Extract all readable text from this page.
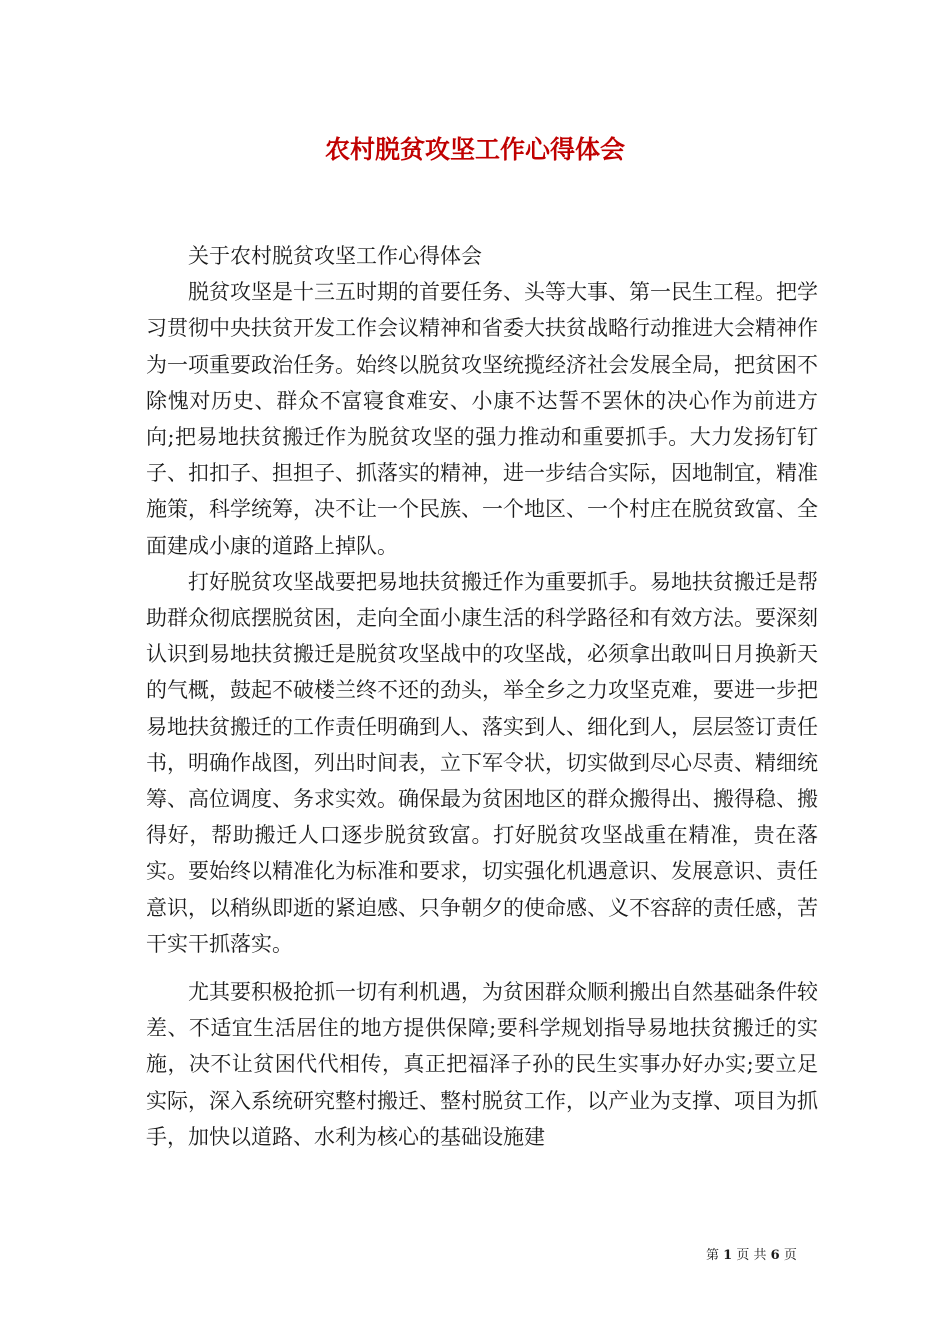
农村脱贫攻坚工作心得体会

关于农村脱贫攻坚工作心得体会

脱贫攻坚是十三五时期的首要任务、头等大事、第一民生工程。把学习贯彻中央扶贫开发工作会议精神和省委大扶贫战略行动推进大会精神作为一项重要政治任务。始终以脱贫攻坚统揽经济社会发展全局，把贫困不除愧对历史、群众不富寝食难安、小康不达誓不罢休的决心作为前进方向;把易地扶贫搬迁作为脱贫攻坚的强力推动和重要抓手。大力发扬钉钉子、扣扣子、担担子、抓落实的精神，进一步结合实际，因地制宜，精准施策，科学统筹，决不让一个民族、一个地区、一个村庄在脱贫致富、全面建成小康的道路上掉队。

打好脱贫攻坚战要把易地扶贫搬迁作为重要抓手。易地扶贫搬迁是帮助群众彻底摆脱贫困，走向全面小康生活的科学路径和有效方法。要深刻认识到易地扶贫搬迁是脱贫攻坚战中的攻坚战，必须拿出敢叫日月换新天的气概，鼓起不破楼兰终不还的劲头，举全乡之力攻坚克难，要进一步把易地扶贫搬迁的工作责任明确到人、落实到人、细化到人，层层签订责任书，明确作战图，列出时间表，立下军令状，切实做到尽心尽责、精细统筹、高位调度、务求实效。确保最为贫困地区的群众搬得出、搬得稳、搬得好，帮助搬迁人口逐步脱贫致富。打好脱贫攻坚战重在精准，贵在落实。要始终以精准化为标准和要求，切实强化机遇意识、发展意识、责任意识，以稍纵即逝的紧迫感、只争朝夕的使命感、义不容辞的责任感，苦干实干抓落实。

尤其要积极抢抓一切有利机遇，为贫困群众顺利搬出自然基础条件较差、不适宜生活居住的地方提供保障;要科学规划指导易地扶贫搬迁的实施，决不让贫困代代相传，真正把福泽子孙的民生实事办好办实;要立足实际，深入系统研究整村搬迁、整村脱贫工作，以产业为支撑、项目为抓手，加快以道路、水利为核心的基础设施建

第 1 页 共 6 页
